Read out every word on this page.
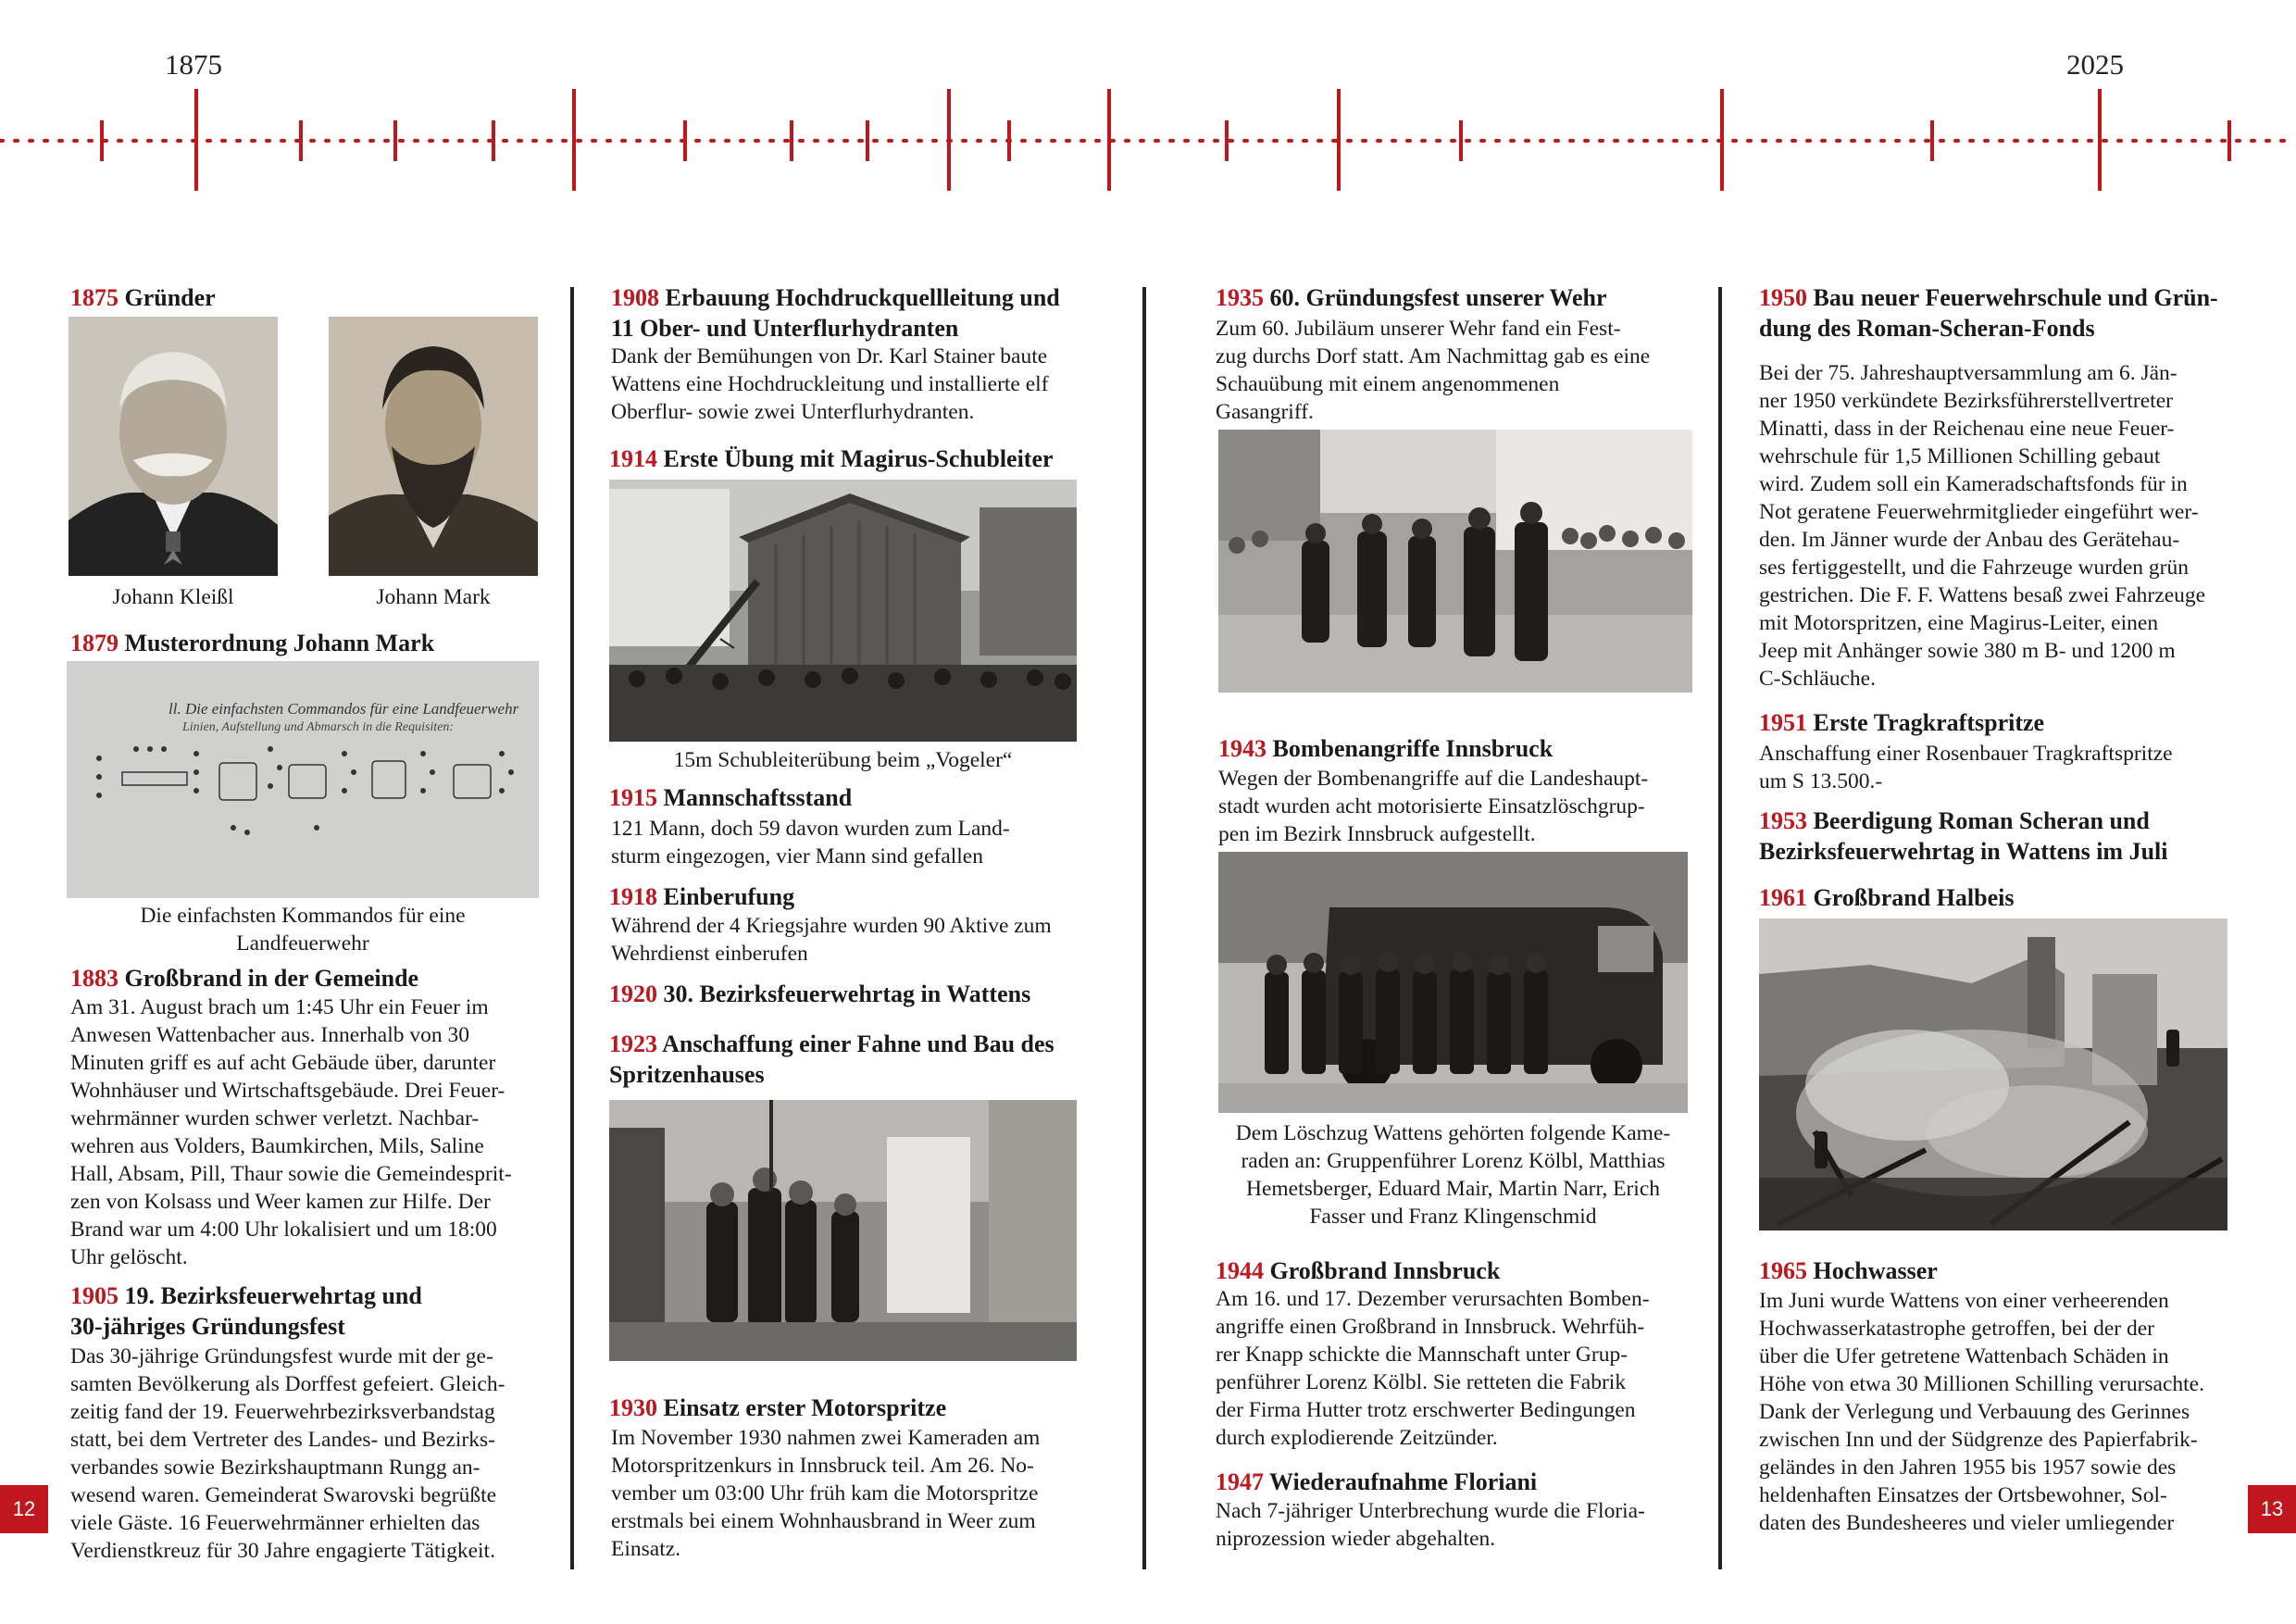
1875	2025

1875 Gründer

Johann Kleißl	Johann Mark

1879 Musterordnung Johann Mark

ll. Die einfachsten Commandos für eine Landfeuerwehr
Linien, Aufstellung und Abmarsch in die Requisiten:

Die einfachsten Kommandos für eine
Landfeuerwehr

1883 Großbrand in der Gemeinde

Am 31. August brach um 1:45 Uhr ein Feuer im

Anwesen Wattenbacher aus. Innerhalb von 30

Minuten griff es auf acht Gebäude über, darunter

Wohnhäuser und Wirtschaftsgebäude. Drei Feuer-

wehrmänner wurden schwer verletzt. Nachbar-

wehren aus Volders, Baumkirchen, Mils, Saline

Hall, Absam, Pill, Thaur sowie die Gemeindesprit-

zen von Kolsass und Weer kamen zur Hilfe. Der

Brand war um 4:00 Uhr lokalisiert und um 18:00

Uhr gelöscht.

1905 19. Bezirksfeuerwehrtag und
30-jähriges Gründungsfest

Das 30-jährige Gründungsfest wurde mit der ge-

samten Bevölkerung als Dorffest gefeiert. Gleich-

zeitig fand der 19. Feuerwehrbezirksverbandstag

statt, bei dem Vertreter des Landes- und Bezirks-

verbandes sowie Bezirkshauptmann Rungg an-

wesend waren. Gemeinderat Swarovski begrüßte

viele Gäste. 16 Feuerwehrmänner erhielten das

Verdienstkreuz für 30 Jahre engagierte Tätigkeit.

1908 Erbauung Hochdruckquellleitung und
11 Ober- und Unterflurhydranten

Dank der Bemühungen von Dr. Karl Stainer baute

Wattens eine Hochdruckleitung und installierte elf

Oberflur- sowie zwei Unterflurhydranten.

1914 Erste Übung mit Magirus-Schubleiter

15m Schubleiterübung beim „Vogeler“

1915 Mannschaftsstand

121 Mann, doch 59 davon wurden zum Land-

sturm eingezogen, vier Mann sind gefallen

1918 Einberufung

Während der 4 Kriegsjahre wurden 90 Aktive zum

Wehrdienst einberufen

1920 30. Bezirksfeuerwehrtag in Wattens

1923 Anschaffung einer Fahne und Bau des
Spritzenhauses

1930 Einsatz erster Motorspritze

Im November 1930 nahmen zwei Kameraden am

Motorspritzenkurs in Innsbruck teil. Am 26. No-

vember um 03:00 Uhr früh kam die Motorspritze

erstmals bei einem Wohnhausbrand in Weer zum

Einsatz.

1935 60. Gründungsfest unserer Wehr

Zum 60. Jubiläum unserer Wehr fand ein Fest-

zug durchs Dorf statt. Am Nachmittag gab es eine

Schauübung mit einem angenommenen

Gasangriff.

1943 Bombenangriffe Innsbruck

Wegen der Bombenangriffe auf die Landeshaupt-

stadt wurden acht motorisierte Einsatzlöschgrup-

pen im Bezirk Innsbruck aufgestellt.

Dem Löschzug Wattens gehörten folgende Kame-

raden an: Gruppenführer Lorenz Kölbl, Matthias

Hemetsberger, Eduard Mair, Martin Narr, Erich

Fasser und Franz Klingenschmid

1944 Großbrand Innsbruck

Am 16. und 17. Dezember verursachten Bomben-

angriffe einen Großbrand in Innsbruck. Wehrfüh-

rer Knapp schickte die Mannschaft unter Grup-

penführer Lorenz Kölbl. Sie retteten die Fabrik

der Firma Hutter trotz erschwerter Bedingungen

durch explodierende Zeitzünder.

1947 Wiederaufnahme Floriani

Nach 7-jähriger Unterbrechung wurde die Floria-

niprozession wieder abgehalten.

1950 Bau neuer Feuerwehrschule und Grün-
dung des Roman-Scheran-Fonds

Bei der 75. Jahreshauptversammlung am 6. Jän-

ner 1950 verkündete Bezirksführerstellvertreter

Minatti, dass in der Reichenau eine neue Feuer-

wehrschule für 1,5 Millionen Schilling gebaut

wird. Zudem soll ein Kameradschaftsfonds für in

Not geratene Feuerwehrmitglieder eingeführt wer-

den. Im Jänner wurde der Anbau des Gerätehau-

ses fertiggestellt, und die Fahrzeuge wurden grün

gestrichen. Die F. F. Wattens besaß zwei Fahrzeuge

mit Motorspritzen, eine Magirus-Leiter, einen

Jeep mit Anhänger sowie 380 m B- und 1200 m

C-Schläuche.

1951 Erste Tragkraftspritze

Anschaffung einer Rosenbauer Tragkraftspritze

um S 13.500.-

1953 Beerdigung Roman Scheran und
Bezirksfeuerwehrtag in Wattens im Juli

1961 Großbrand Halbeis

1965 Hochwasser

Im Juni wurde Wattens von einer verheerenden

Hochwasserkatastrophe getroffen, bei der der

über die Ufer getretene Wattenbach Schäden in

Höhe von etwa 30 Millionen Schilling verursachte.

Dank der Verlegung und Verbauung des Gerinnes

zwischen Inn und der Südgrenze des Papierfabrik-

geländes in den Jahren 1955 bis 1957 sowie des

heldenhaften Einsatzes der Ortsbewohner, Sol-

daten des Bundesheeres und vieler umliegender

12	13
